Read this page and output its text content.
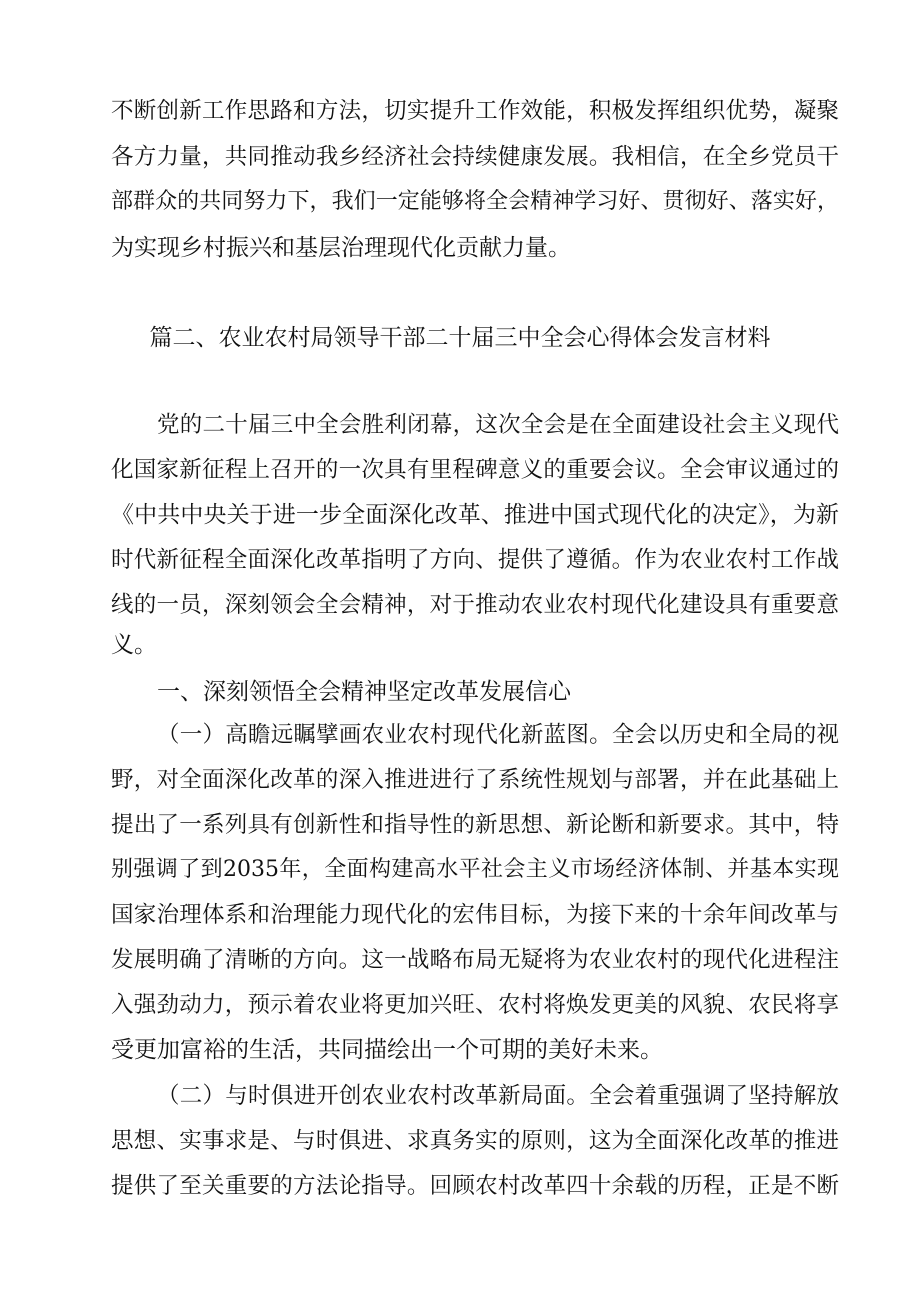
不断创新工作思路和方法，切实提升工作效能，积极发挥组织优势，凝聚
各方力量，共同推动我乡经济社会持续健康发展。我相信，在全乡党员干
部群众的共同努力下，我们一定能够将全会精神学习好、贯彻好、落实好，
为实现乡村振兴和基层治理现代化贡献力量。
篇二、农业农村局领导干部二十届三中全会心得体会发言材料
党的二十届三中全会胜利闭幕，这次全会是在全面建设社会主义现代
化国家新征程上召开的一次具有里程碑意义的重要会议。全会审议通过的
《中共中央关于进一步全面深化改革、推进中国式现代化的决定》，为新
时代新征程全面深化改革指明了方向、提供了遵循。作为农业农村工作战
线的一员，深刻领会全会精神，对于推动农业农村现代化建设具有重要意
义。
一、深刻领悟全会精神坚定改革发展信心
（一）高瞻远瞩擘画农业农村现代化新蓝图。全会以历史和全局的视
野，对全面深化改革的深入推进进行了系统性规划与部署，并在此基础上
提出了一系列具有创新性和指导性的新思想、新论断和新要求。其中，特
别强调了到2035年，全面构建高水平社会主义市场经济体制、并基本实现
国家治理体系和治理能力现代化的宏伟目标，为接下来的十余年间改革与
发展明确了清晰的方向。这一战略布局无疑将为农业农村的现代化进程注
入强劲动力，预示着农业将更加兴旺、农村将焕发更美的风貌、农民将享
受更加富裕的生活，共同描绘出一个可期的美好未来。
（二）与时俱进开创农业农村改革新局面。全会着重强调了坚持解放
思想、实事求是、与时俱进、求真务实的原则，这为全面深化改革的推进
提供了至关重要的方法论指导。回顾农村改革四十余载的历程，正是不断
